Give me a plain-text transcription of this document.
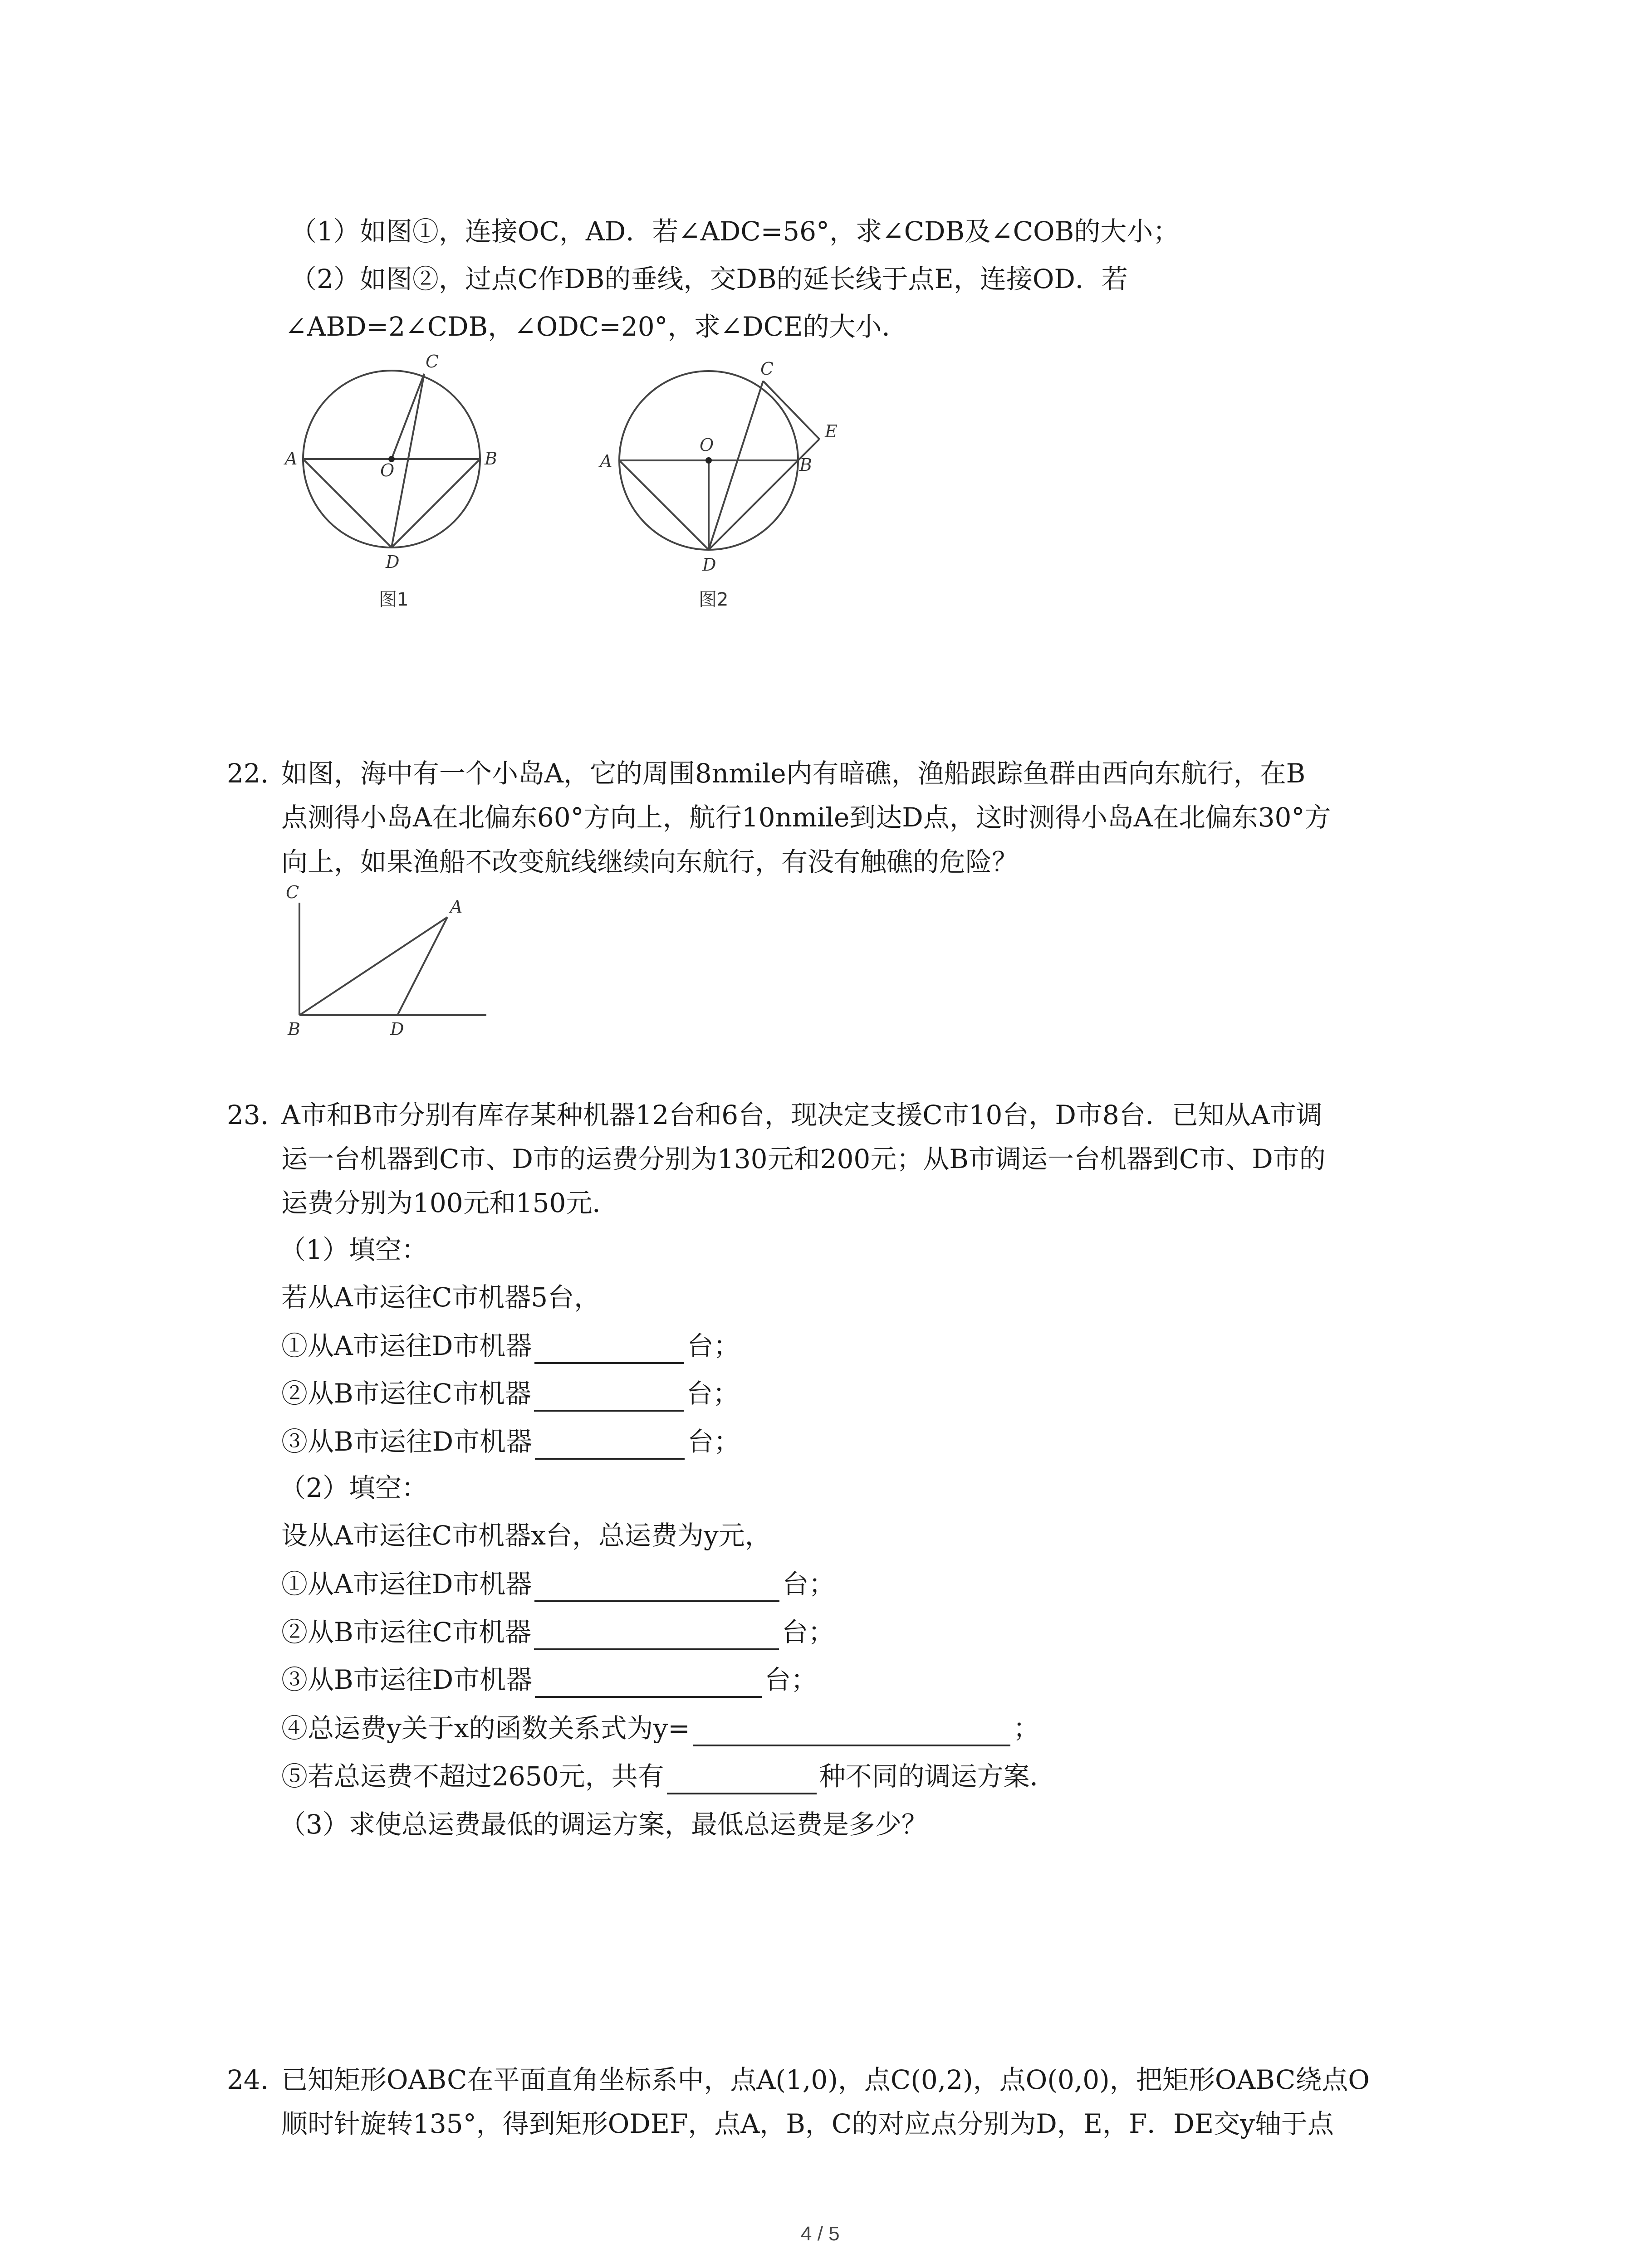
（1）如图①，连接OC，AD．若∠ADC=56°，求∠CDB及∠COB的大小；
（2）如图②，过点C作DB的垂线，交DB的延长线于点E，连接OD．若
∠ABD=2∠CDB，∠ODC=20°，求∠DCE的大小．
C
A	B
O
D
图1
C
E
O
A	B
D
图2
22. 如图，海中有一个小岛A，它的周围8nmile内有暗礁，渔船跟踪鱼群由西向东航行，在B
点测得小岛A在北偏东60°方向上，航行10nmile到达D点，这时测得小岛A在北偏东30°方
向上，如果渔船不改变航线继续向东航行，有没有触礁的危险？
C
A
B	D
23. A市和B市分别有库存某种机器12台和6台，现决定支援C市10台，D市8台．已知从A市调
运一台机器到C市、D市的运费分别为130元和200元；从B市调运一台机器到C市、D市的
运费分别为100元和150元．
（1）填空：
若从A市运往C市机器5台，
①从A市运往D市机器	台；
②从B市运往C市机器	台；
③从B市运往D市机器	台；
（2）填空：
设从A市运往C市机器x台，总运费为y元，
①从A市运往D市机器	台；
②从B市运往C市机器	台；
③从B市运往D市机器	台；
④总运费y关于x的函数关系式为y=	；
⑤若总运费不超过2650元，共有	种不同的调运方案．
（3）求使总运费最低的调运方案，最低总运费是多少？
24. 已知矩形OABC在平面直角坐标系中，点A(1,0)，点C(0,2)，点O(0,0)，把矩形OABC绕点O
顺时针旋转135°，得到矩形ODEF，点A，B，C的对应点分别为D，E，F．DE交y轴于点
4 / 5
